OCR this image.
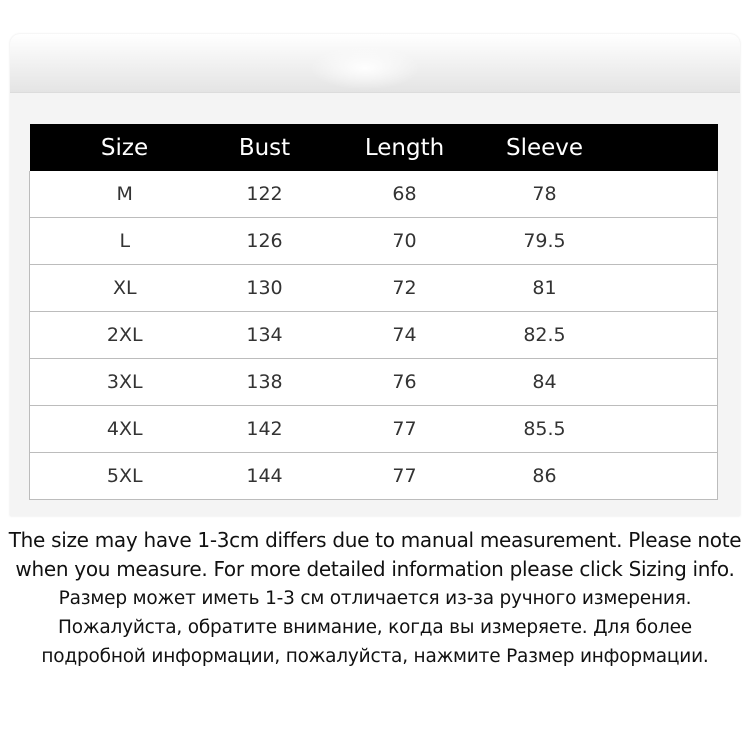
Size	Bust	Length	Sleeve	
M	122	68	78	
L	126	70	79.5	
XL	130	72	81	
2XL	134	74	82.5	
3XL	138	76	84	
4XL	142	77	85.5	
5XL	144	77	86	

The size may have 1-3cm differs due to manual measurement. Please note when you measure. For more detailed information please click Sizing info.

Размер может иметь 1-3 см отличается из-за ручного измерения. Пожалуйста, обратите внимание, когда вы измеряете. Для более подробной информации, пожалуйста, нажмите Размер информации.
